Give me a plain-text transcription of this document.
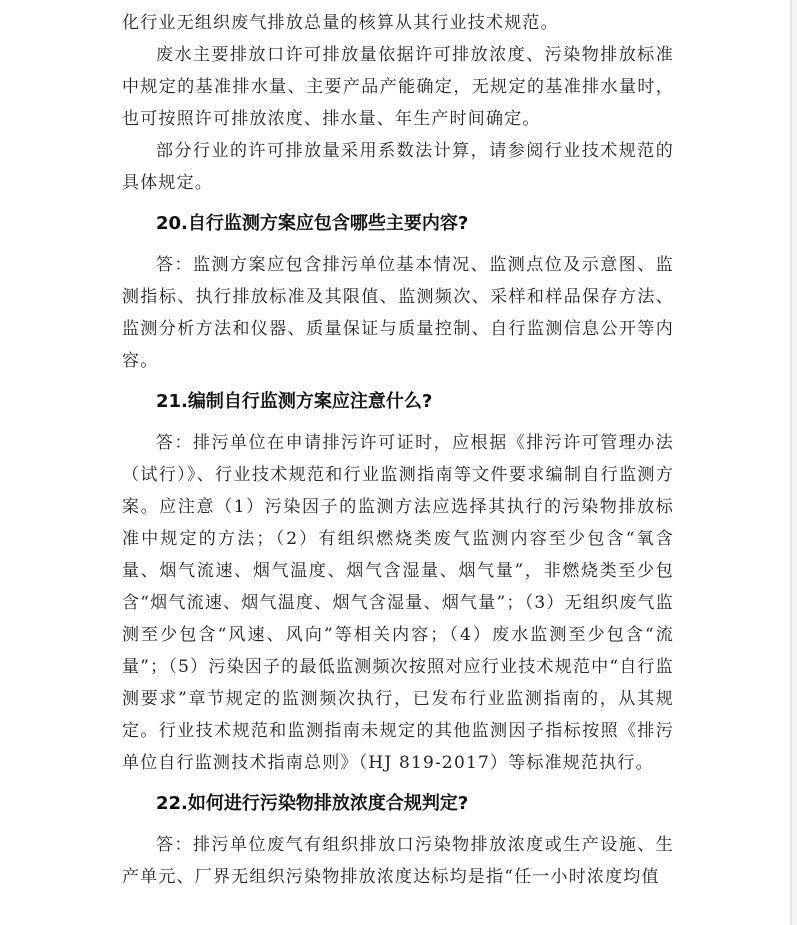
化行业无组织废气排放总量的核算从其行业技术规范。

废水主要排放口许可排放量依据许可排放浓度、污染物排放标准中规定的基准排水量、主要产品产能确定，无规定的基准排水量时，也可按照许可排放浓度、排水量、年生产时间确定。

部分行业的许可排放量采用系数法计算，请参阅行业技术规范的具体规定。

20.自行监测方案应包含哪些主要内容?

答：监测方案应包含排污单位基本情况、监测点位及示意图、监测指标、执行排放标准及其限值、监测频次、采样和样品保存方法、监测分析方法和仪器、质量保证与质量控制、自行监测信息公开等内容。

21.编制自行监测方案应注意什么?

答：排污单位在申请排污许可证时，应根据《排污许可管理办法（试行）》、行业技术规范和行业监测指南等文件要求编制自行监测方案。应注意（1）污染因子的监测方法应选择其执行的污染物排放标准中规定的方法；（2）有组织燃烧类废气监测内容至少包含“氧含量、烟气流速、烟气温度、烟气含湿量、烟气量”，非燃烧类至少包含“烟气流速、烟气温度、烟气含湿量、烟气量”；（3）无组织废气监测至少包含“风速、风向”等相关内容；（4）废水监测至少包含“流量”；（5）污染因子的最低监测频次按照对应行业技术规范中“自行监测要求”章节规定的监测频次执行，已发布行业监测指南的，从其规定。行业技术规范和监测指南未规定的其他监测因子指标按照《排污单位自行监测技术指南总则》（HJ 819-2017）等标准规范执行。

22.如何进行污染物排放浓度合规判定?

答：排污单位废气有组织排放口污染物排放浓度或生产设施、生产单元、厂界无组织污染物排放浓度达标均是指“任一小时浓度均值
